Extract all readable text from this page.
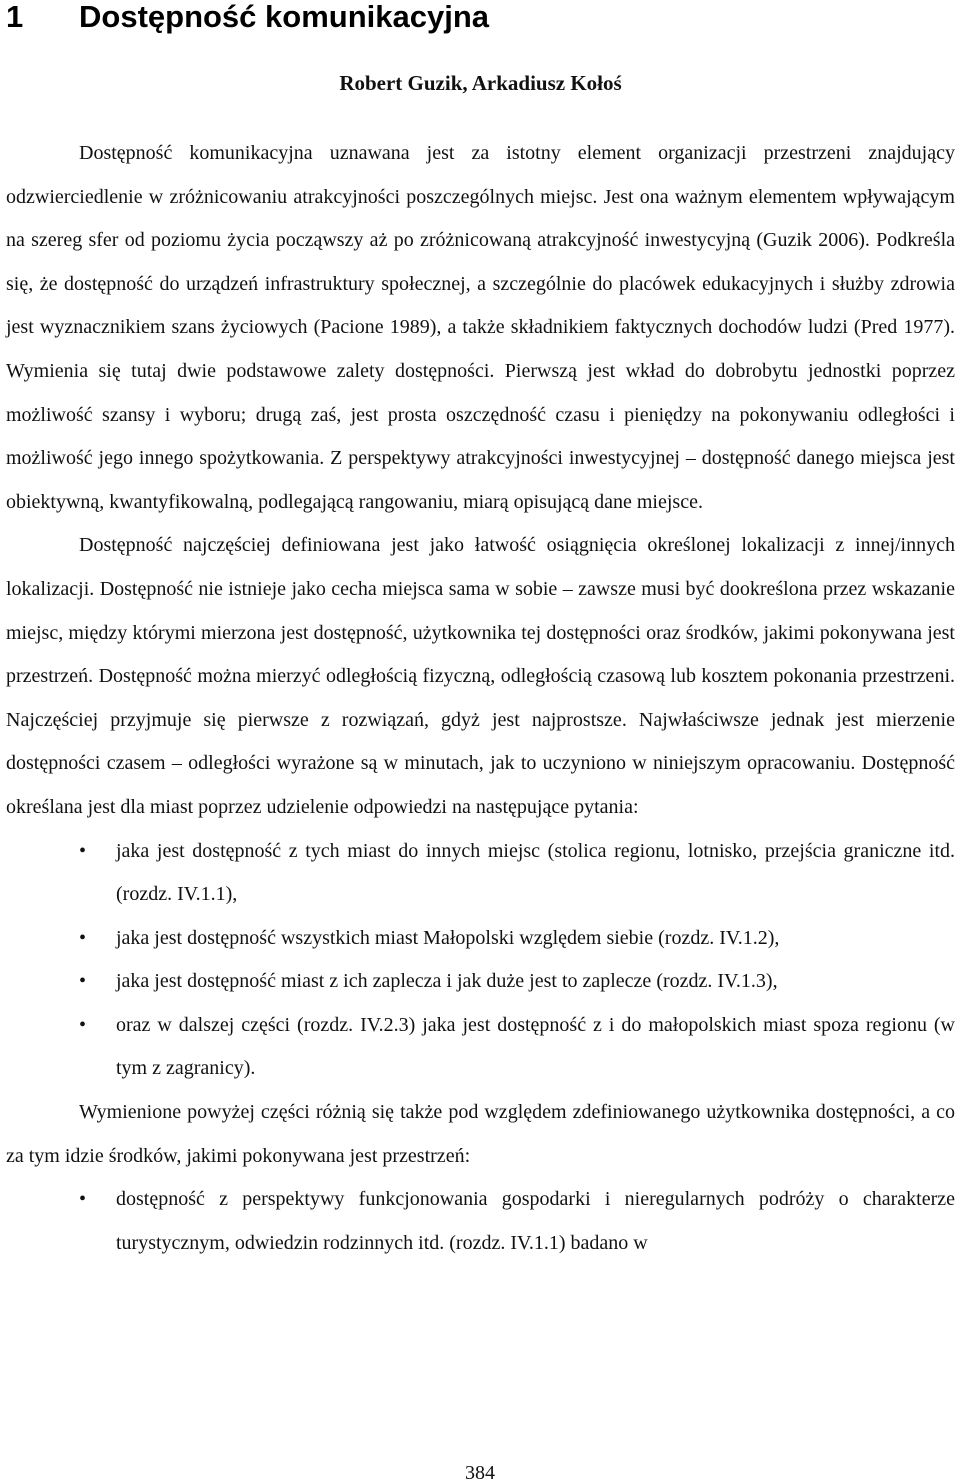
1 Dostępność komunikacyjna
Robert Guzik, Arkadiusz Kołoś

Dostępność komunikacyjna uznawana jest za istotny element organizacji przestrzeni znajdujący odzwierciedlenie w zróżnicowaniu atrakcyjności poszczególnych miejsc. Jest ona ważnym elementem wpływającym na szereg sfer od poziomu życia począwszy aż po zróżnicowaną atrakcyjność inwestycyjną (Guzik 2006). Podkreśla się, że dostępność do urządzeń infrastruktury społecznej, a szczególnie do placówek edukacyjnych i służby zdrowia jest wyznacznikiem szans życiowych (Pacione 1989), a także składnikiem faktycznych dochodów ludzi (Pred 1977). Wymienia się tutaj dwie podstawowe zalety dostępności. Pierwszą jest wkład do dobrobytu jednostki poprzez możliwość szansy i wyboru; drugą zaś, jest prosta oszczędność czasu i pieniędzy na pokonywaniu odległości i możliwość jego innego spożytkowania. Z perspektywy atrakcyjności inwestycyjnej – dostępność danego miejsca jest obiektywną, kwantyfikowalną, podlegającą rangowaniu, miarą opisującą dane miejsce.

Dostępność najczęściej definiowana jest jako łatwość osiągnięcia określonej lokalizacji z innej/innych lokalizacji. Dostępność nie istnieje jako cecha miejsca sama w sobie – zawsze musi być dookreślona przez wskazanie miejsc, między którymi mierzona jest dostępność, użytkownika tej dostępności oraz środków, jakimi pokonywana jest przestrzeń. Dostępność można mierzyć odległością fizyczną, odległością czasową lub kosztem pokonania przestrzeni. Najczęściej przyjmuje się pierwsze z rozwiązań, gdyż jest najprostsze. Najwłaściwsze jednak jest mierzenie dostępności czasem – odległości wyrażone są w minutach, jak to uczyniono w niniejszym opracowaniu. Dostępność określana jest dla miast poprzez udzielenie odpowiedzi na następujące pytania:

• jaka jest dostępność z tych miast do innych miejsc (stolica regionu, lotnisko, przejścia graniczne itd. (rozdz. IV.1.1),
• jaka jest dostępność wszystkich miast Małopolski względem siebie (rozdz. IV.1.2),
• jaka jest dostępność miast z ich zaplecza i jak duże jest to zaplecze (rozdz. IV.1.3),
• oraz w dalszej części (rozdz. IV.2.3) jaka jest dostępność z i do małopolskich miast spoza regionu (w tym z zagranicy).

Wymienione powyżej części różnią się także pod względem zdefiniowanego użytkownika dostępności, a co za tym idzie środków, jakimi pokonywana jest przestrzeń:

• dostępność z perspektywy funkcjonowania gospodarki i nieregularnych podróży o charakterze turystycznym, odwiedzin rodzinnych itd. (rozdz. IV.1.1) badano w
384
